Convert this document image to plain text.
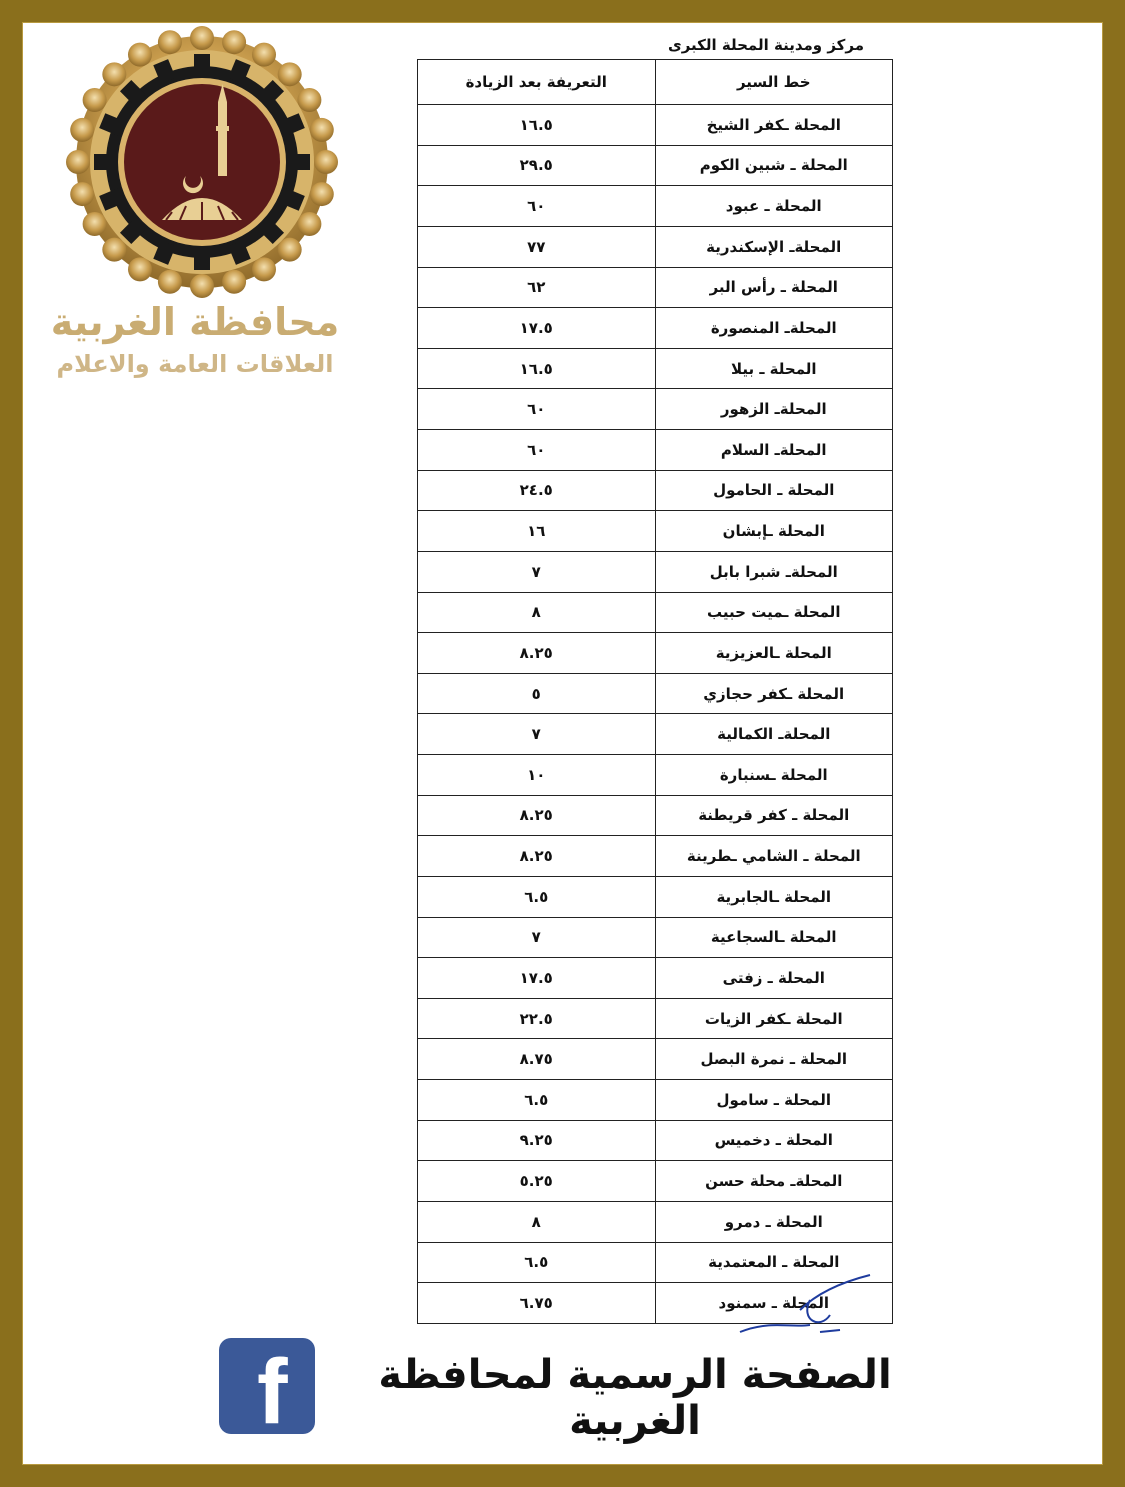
محافظة الغربية
العلاقات العامة والاعلام
مركز ومدينة المحلة الكبرى
خط السير	التعريفة بعد الزيادة
المحلة ـكفر الشيخ	١٦.٥
المحلة ـ شبين الكوم	٢٩.٥
المحلة ـ عبود	٦٠
المحلةـ الإسكندرية	٧٧
المحلة ـ رأس البر	٦٢
المحلةـ المنصورة	١٧.٥
المحلة ـ بيلا	١٦.٥
المحلةـ الزهور	٦٠
المحلةـ السلام	٦٠
المحلة ـ الحامول	٢٤.٥
المحلة ـإبشان	١٦
المحلةـ شبرا بابل	٧
المحلة ـميت حبيب	٨
المحلة ـالعزيزية	٨.٢٥
المحلة ـكفر حجازي	٥
المحلةـ الكمالية	٧
المحلة ـسنبارة	١٠
المحلة ـ كفر قريطنة	٨.٢٥
المحلة ـ الشامي ـطرينة	٨.٢٥
المحلة ـالجابرية	٦.٥
المحلة ـالسجاعية	٧
المحلة ـ زفتى	١٧.٥
المحلة ـكفر الزيات	٢٢.٥
المحلة ـ نمرة البصل	٨.٧٥
المحلة ـ سامول	٦.٥
المحلة ـ دخميس	٩.٢٥
المحلةـ محلة حسن	٥.٢٥
المحلة ـ دمرو	٨
المحلة ـ المعتمدية	٦.٥
المحلة ـ سمنود	٦.٧٥
f	الصفحة الرسمية لمحافظة الغربية
